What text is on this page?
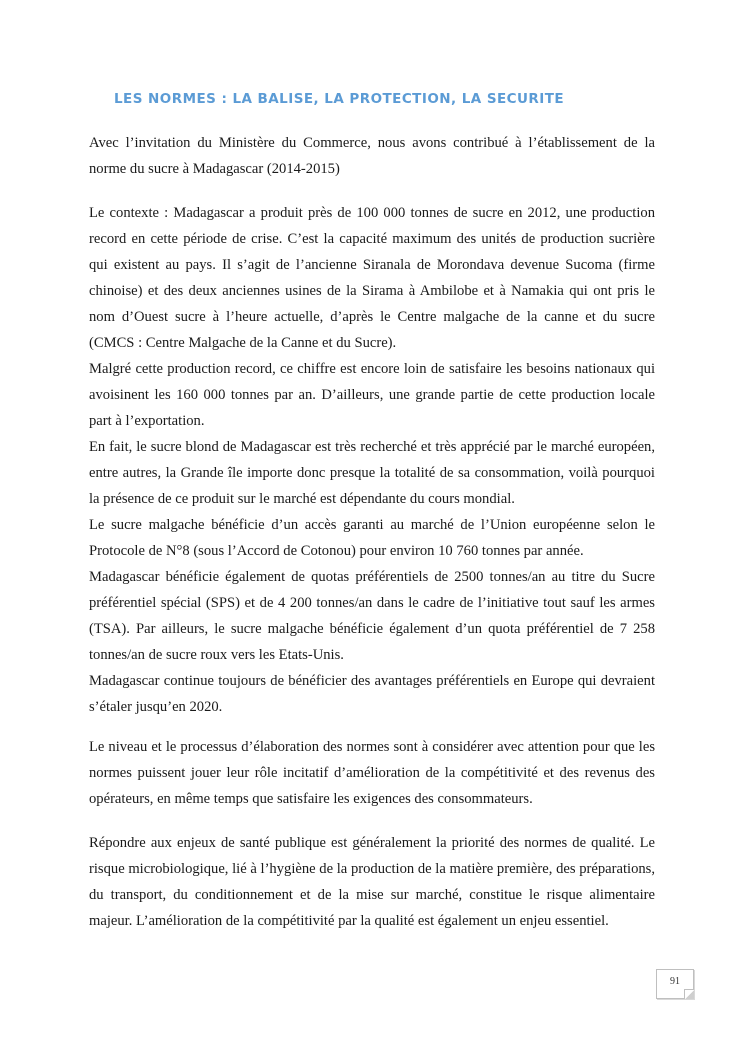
LES NORMES : LA BALISE, LA PROTECTION, LA SECURITE

Avec l’invitation du Ministère du Commerce, nous avons contribué à l’établissement de la norme du sucre à Madagascar (2014-2015)

Le contexte : Madagascar a produit près de 100 000 tonnes de sucre en 2012, une production record en cette période de crise. C’est la capacité maximum des unités de production sucrière qui existent au pays. Il s’agit de l’ancienne Siranala de Morondava devenue Sucoma (firme chinoise) et des deux anciennes usines de la Sirama à Ambilobe et à Namakia qui ont pris le nom d’Ouest sucre à l’heure actuelle, d’après le Centre malgache de la canne et du sucre (CMCS : Centre Malgache de la Canne et du Sucre).

Malgré cette production record, ce chiffre est encore loin de satisfaire les besoins nationaux qui avoisinent les 160 000 tonnes par an. D’ailleurs, une grande partie de cette production locale part à l’exportation.

En fait, le sucre blond de Madagascar est très recherché et très apprécié par le marché européen, entre autres, la Grande île importe donc presque la totalité de sa consommation, voilà pourquoi la présence de ce produit sur le marché est dépendante du cours mondial.

Le sucre malgache bénéficie d’un accès garanti au marché de l’Union européenne selon le Protocole de N°8 (sous l’Accord de Cotonou) pour environ 10 760 tonnes par année.

Madagascar bénéficie également de quotas préférentiels de 2500 tonnes/an au titre du Sucre préférentiel spécial (SPS) et de 4 200 tonnes/an dans le cadre de l’initiative tout sauf les armes (TSA). Par ailleurs, le sucre malgache bénéficie également d’un quota préférentiel de 7 258 tonnes/an de sucre roux vers les Etats-Unis.

Madagascar continue toujours de bénéficier des avantages préférentiels en Europe qui devraient s’étaler jusqu’en 2020.

Le niveau et le processus d’élaboration des normes sont à considérer avec attention pour que les normes puissent jouer leur rôle incitatif d’amélioration de la compétitivité et des revenus des opérateurs, en même temps que satisfaire les exigences des consommateurs.

Répondre aux enjeux de santé publique est généralement la priorité des normes de qualité. Le risque microbiologique, lié à l’hygiène de la production de la matière première, des préparations, du transport, du conditionnement et de la mise sur marché, constitue le risque alimentaire majeur. L’amélioration de la compétitivité par la qualité est également un enjeu essentiel.

91
